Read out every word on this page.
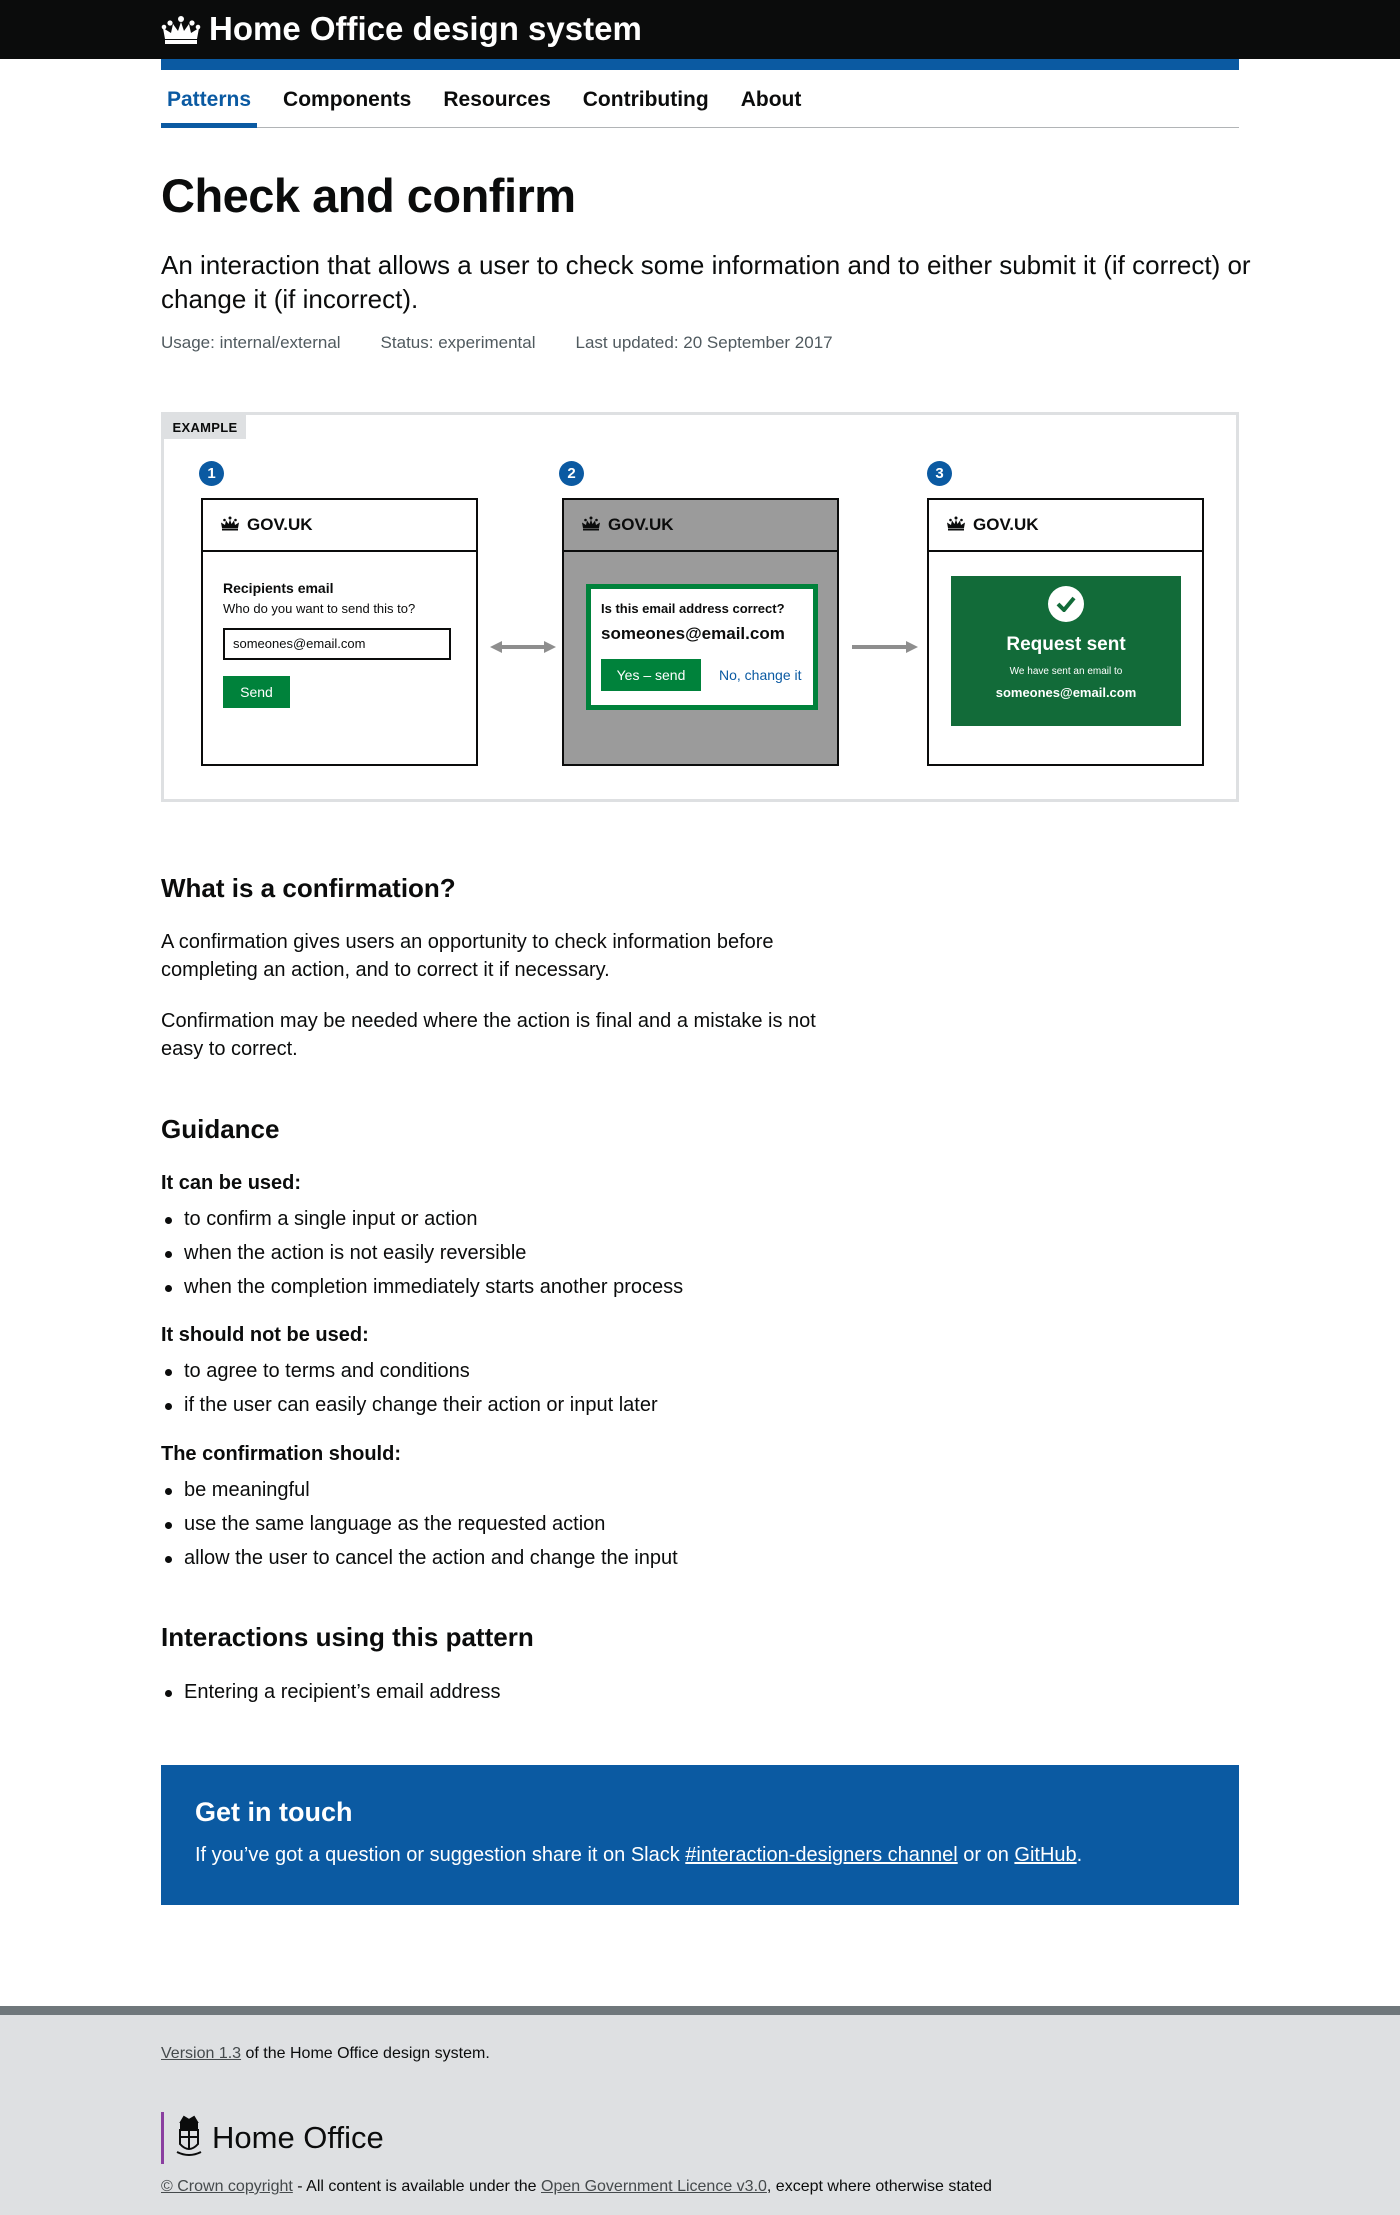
Home Office design system
Patterns Components Resources Contributing About
Check and confirm

An interaction that allows a user to check some information and to either submit it (if correct) or change it (if incorrect).

Usage: internal/external Status: experimental Last updated: 20 September 2017
EXAMPLE
1	2	3
GOV.UK
Recipients email
Who do you want to send this to?
someones@email.com
Send
GOV.UK
Is this email address correct?
someones@email.com
Yes – send	No, change it
GOV.UK
Request sent
We have sent an email to
someones@email.com
What is a confirmation?

A confirmation gives users an opportunity to check information before completing an action, and to correct it if necessary.

Confirmation may be needed where the action is final and a mistake is not easy to correct.

Guidance
It can be used:
to confirm a single input or action
when the action is not easily reversible
when the completion immediately starts another process
It should not be used:
to agree to terms and conditions
if the user can easily change their action or input later
The confirmation should:
be meaningful
use the same language as the requested action
allow the user to cancel the action and change the input
Interactions using this pattern
Entering a recipient’s email address
Get in touch
If you’ve got a question or suggestion share it on Slack #interaction-designers channel or on GitHub.
Version 1.3 of the Home Office design system.
Home Office
© Crown copyright - All content is available under the Open Government Licence v3.0, except where otherwise stated
